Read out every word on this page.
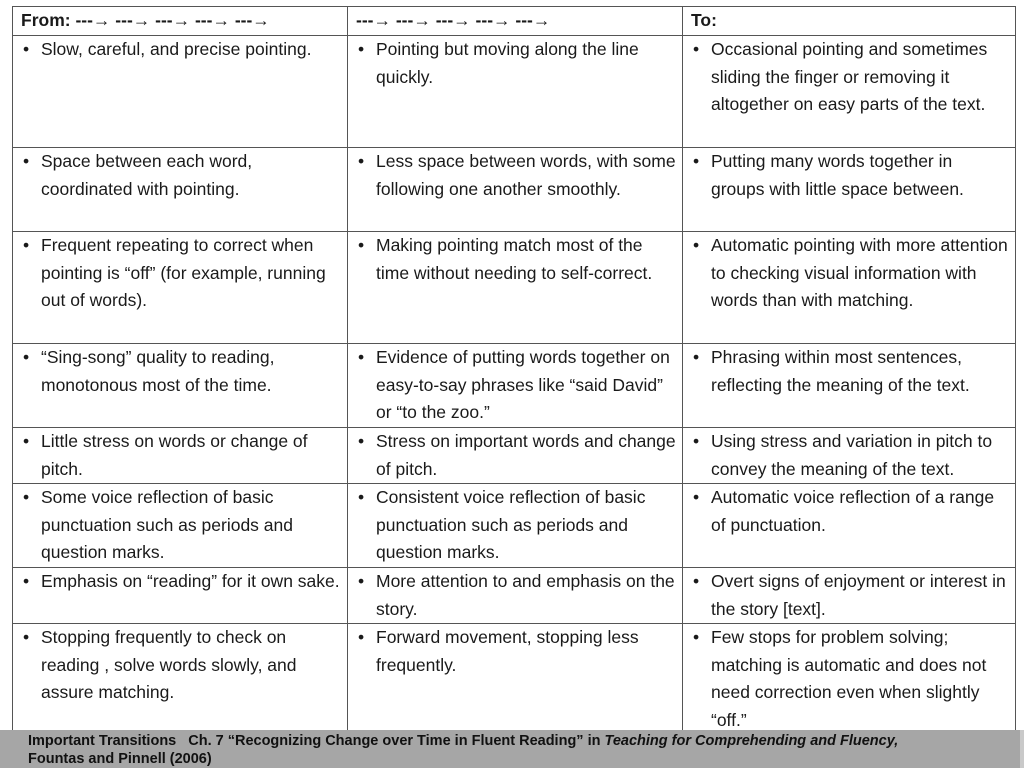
From: ---→ ---→ ---→ ---→ ---→	---→ ---→ ---→ ---→ ---→	To:

• Slow, careful, and precise pointing.	• Pointing but moving along the line quickly.	• Occasional pointing and sometimes sliding the finger or removing it altogether on easy parts of the text.

• Space between each word, coordinated with pointing.	• Less space between words, with some following one another smoothly.	• Putting many words together in groups with little space between.

• Frequent repeating to correct when pointing is “off” (for example, running out of words).	• Making pointing match most of the time without needing to self-correct.	• Automatic pointing with more attention to checking visual information with words than with matching.

• “Sing-song” quality to reading, monotonous most of the time.	• Evidence of putting words together on easy-to-say phrases like “said David” or “to the zoo.”	• Phrasing within most sentences, reflecting the meaning of the text.

• Little stress on words or change of pitch.	• Stress on important words and change of pitch.	• Using stress and variation in pitch to convey the meaning of the text.

• Some voice reflection of basic punctuation such as periods and question marks.	• Consistent voice reflection of basic punctuation such as periods and question marks.	• Automatic voice reflection of a range of punctuation.

• Emphasis on “reading” for it own sake.	• More attention to and emphasis on the story.	• Overt signs of enjoyment or interest in the story [text].

• Stopping frequently to check on reading , solve words slowly, and assure matching.	• Forward movement, stopping less frequently.	• Few stops for problem solving; matching is automatic and does not need correction even when slightly “off.”
Important Transitions Ch. 7 “Recognizing Change over Time in Fluent Reading” in Teaching for Comprehending and Fluency,
Fountas and Pinnell (2006)
